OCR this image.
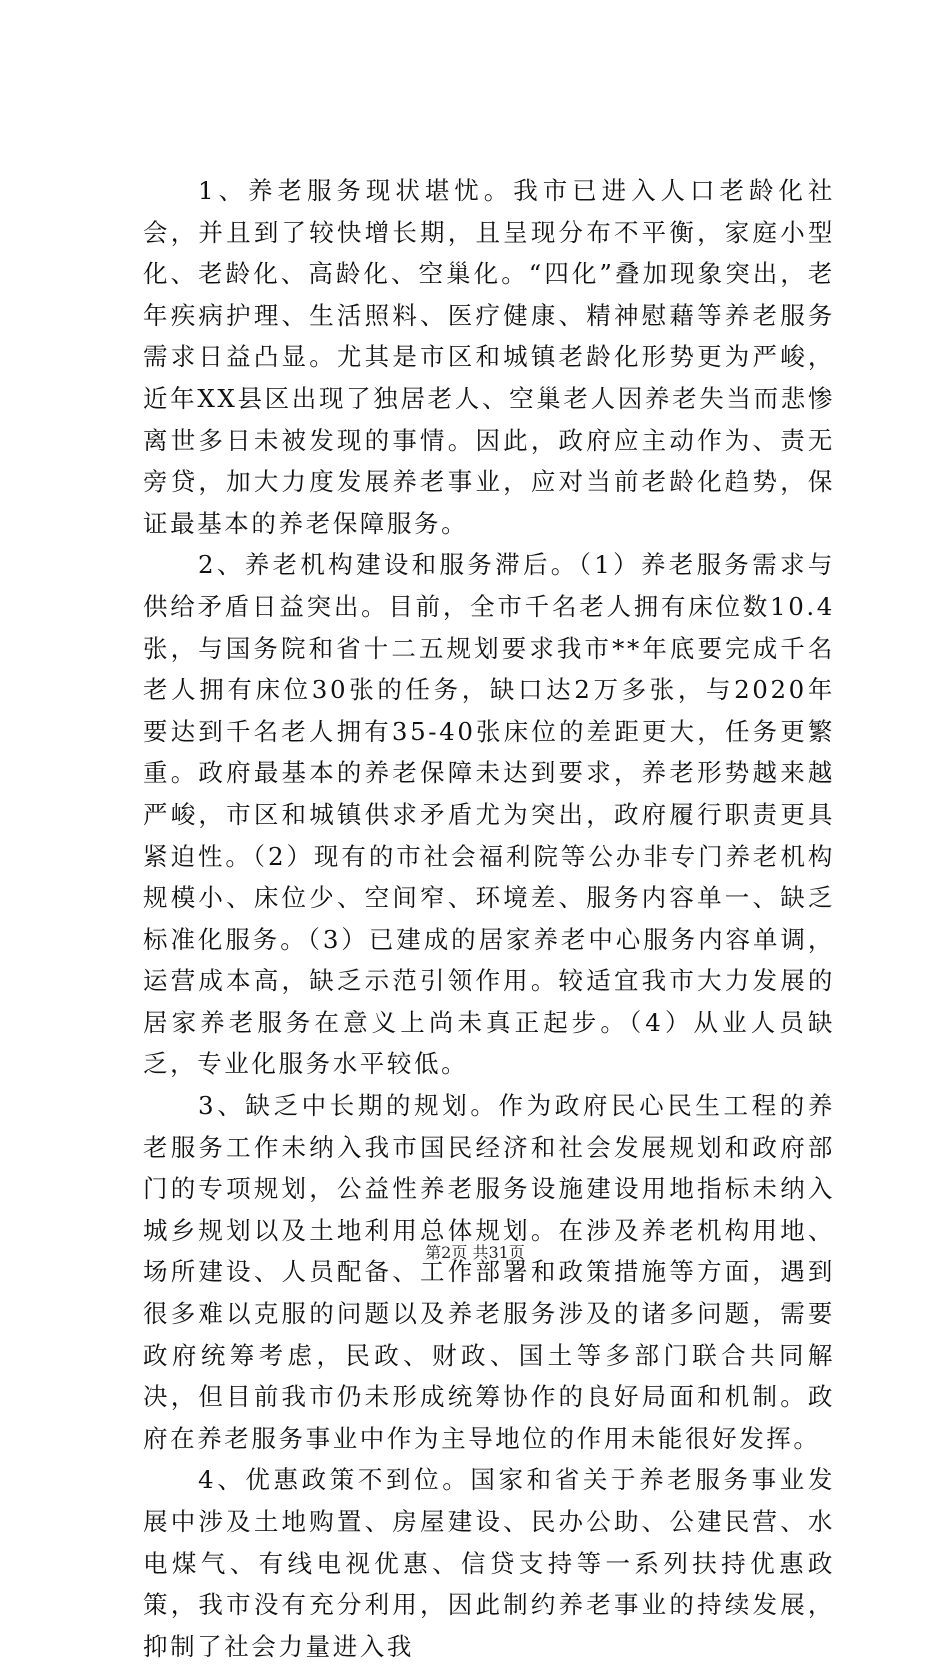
1、养老服务现状堪忧。我市已进入人口老龄化社会，并且到了较快增长期，且呈现分布不平衡，家庭小型化、老龄化、高龄化、空巢化。“四化”叠加现象突出，老年疾病护理、生活照料、医疗健康、精神慰藉等养老服务需求日益凸显。尤其是市区和城镇老龄化形势更为严峻，近年XX县区出现了独居老人、空巢老人因养老失当而悲惨离世多日未被发现的事情。因此，政府应主动作为、责无旁贷，加大力度发展养老事业，应对当前老龄化趋势，保证最基本的养老保障服务。

2、养老机构建设和服务滞后。（1）养老服务需求与供给矛盾日益突出。目前，全市千名老人拥有床位数10.4张，与国务院和省十二五规划要求我市**年底要完成千名老人拥有床位30张的任务，缺口达2万多张，与2020年要达到千名老人拥有35-40张床位的差距更大，任务更繁重。政府最基本的养老保障未达到要求，养老形势越来越严峻，市区和城镇供求矛盾尤为突出，政府履行职责更具紧迫性。（2）现有的市社会福利院等公办非专门养老机构规模小、床位少、空间窄、环境差、服务内容单一、缺乏标准化服务。（3）已建成的居家养老中心服务内容单调，运营成本高，缺乏示范引领作用。较适宜我市大力发展的居家养老服务在意义上尚未真正起步。（4）从业人员缺乏，专业化服务水平较低。

3、缺乏中长期的规划。作为政府民心民生工程的养老服务工作未纳入我市国民经济和社会发展规划和政府部门的专项规划，公益性养老服务设施建设用地指标未纳入城乡规划以及土地利用总体规划。在涉及养老机构用地、场所建设、人员配备、工作部署和政策措施等方面，遇到很多难以克服的问题以及养老服务涉及的诸多问题，需要政府统筹考虑，民政、财政、国土等多部门联合共同解决，但目前我市仍未形成统筹协作的良好局面和机制。政府在养老服务事业中作为主导地位的作用未能很好发挥。

4、优惠政策不到位。国家和省关于养老服务事业发展中涉及土地购置、房屋建设、民办公助、公建民营、水电煤气、有线电视优惠、信贷支持等一系列扶持优惠政策，我市没有充分利用，因此制约养老事业的持续发展，抑制了社会力量进入我

第2页 共31页
